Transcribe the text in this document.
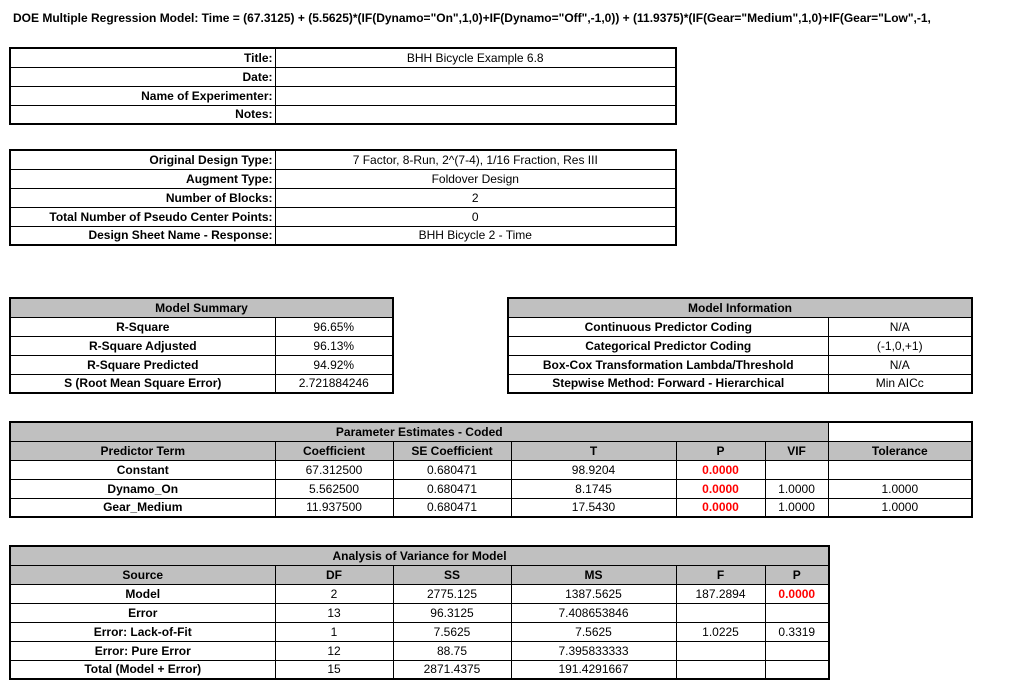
DOE Multiple Regression Model: Time = (67.3125) + (5.5625)*(IF(Dynamo="On",1,0)+IF(Dynamo="Off",-1,0)) + (11.9375)*(IF(Gear="Medium",1,0)+IF(Gear="Low",-1,
Title:	BHH Bicycle Example 6.8
Date:	
Name of Experimenter:	
Notes:	
Original Design Type:	7 Factor, 8-Run, 2^(7-4), 1/16 Fraction, Res III
Augment Type:	Foldover Design
Number of Blocks:	2
Total Number of Pseudo Center Points:	0
Design Sheet Name - Response:	BHH Bicycle 2 - Time
Model Summary	
R-Square	96.65%
R-Square Adjusted	96.13%
R-Square Predicted	94.92%
S (Root Mean Square Error)	2.721884246
Model Information	
Continuous Predictor Coding	N/A
Categorical Predictor Coding	(-1,0,+1)
Box-Cox Transformation Lambda/Threshold	N/A
Stepwise Method: Forward - Hierarchical	Min AICc
Parameter Estimates - Coded						
Predictor Term	Coefficient	SE Coefficient	T	P	VIF	Tolerance
Constant	67.312500	0.680471	98.9204	0.0000		
Dynamo_On	5.562500	0.680471	8.1745	0.0000	1.0000	1.0000
Gear_Medium	11.937500	0.680471	17.5430	0.0000	1.0000	1.0000
Analysis of Variance for Model					
Source	DF	SS	MS	F	P
Model	2	2775.125	1387.5625	187.2894	0.0000
Error	13	96.3125	7.408653846		
Error: Lack-of-Fit	1	7.5625	7.5625	1.0225	0.3319
Error: Pure Error	12	88.75	7.395833333		
Total (Model + Error)	15	2871.4375	191.4291667		
